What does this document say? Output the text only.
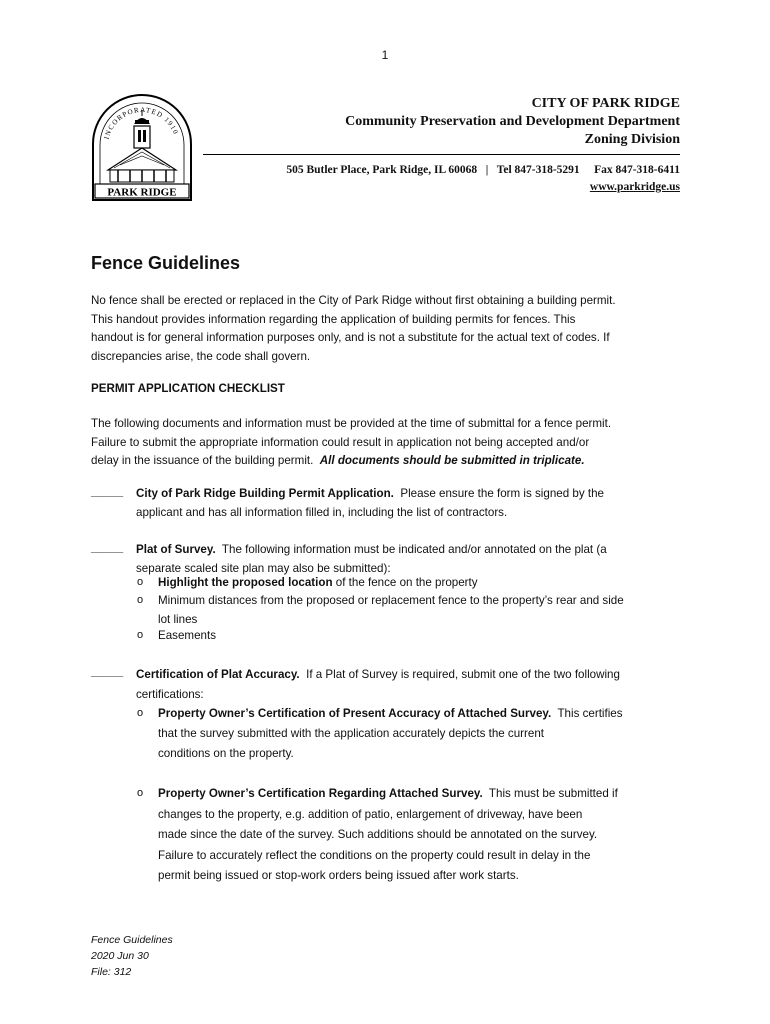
1
INCORPORATED 1910
PARK RIDGE
CITY OF PARK RIDGE
Community Preservation and Development Department
Zoning Division
505 Butler Place, Park Ridge, IL 60068 | Tel 847-318-5291 Fax 847-318-6411
www.parkridge.us
Fence Guidelines
No fence shall be erected or replaced in the City of Park Ridge without first obtaining a building permit.
This handout provides information regarding the application of building permits for fences. This
handout is for general information purposes only, and is not a substitute for the actual text of codes. If
discrepancies arise, the code shall govern.
PERMIT APPLICATION CHECKLIST
The following documents and information must be provided at the time of submittal for a fence permit.
Failure to submit the appropriate information could result in application not being accepted and/or
delay in the issuance of the building permit.  All documents should be submitted in triplicate.
_____ City of Park Ridge Building Permit Application.  Please ensure the form is signed by the
applicant and has all information filled in, including the list of contractors.
_____ Plat of Survey.  The following information must be indicated and/or annotated on the plat (a
separate scaled site plan may also be submitted):
o Highlight the proposed location of the fence on the property
o Minimum distances from the proposed or replacement fence to the property’s rear and side
lot lines
o Easements
_____ Certification of Plat Accuracy.  If a Plat of Survey is required, submit one of the two following
certifications:
o Property Owner’s Certification of Present Accuracy of Attached Survey.  This certifies
that the survey submitted with the application accurately depicts the current
conditions on the property.
o Property Owner’s Certification Regarding Attached Survey.  This must be submitted if
changes to the property, e.g. addition of patio, enlargement of driveway, have been
made since the date of the survey. Such additions should be annotated on the survey.
Failure to accurately reflect the conditions on the property could result in delay in the
permit being issued or stop-work orders being issued after work starts.
Fence Guidelines
2020 Jun 30
File: 312
